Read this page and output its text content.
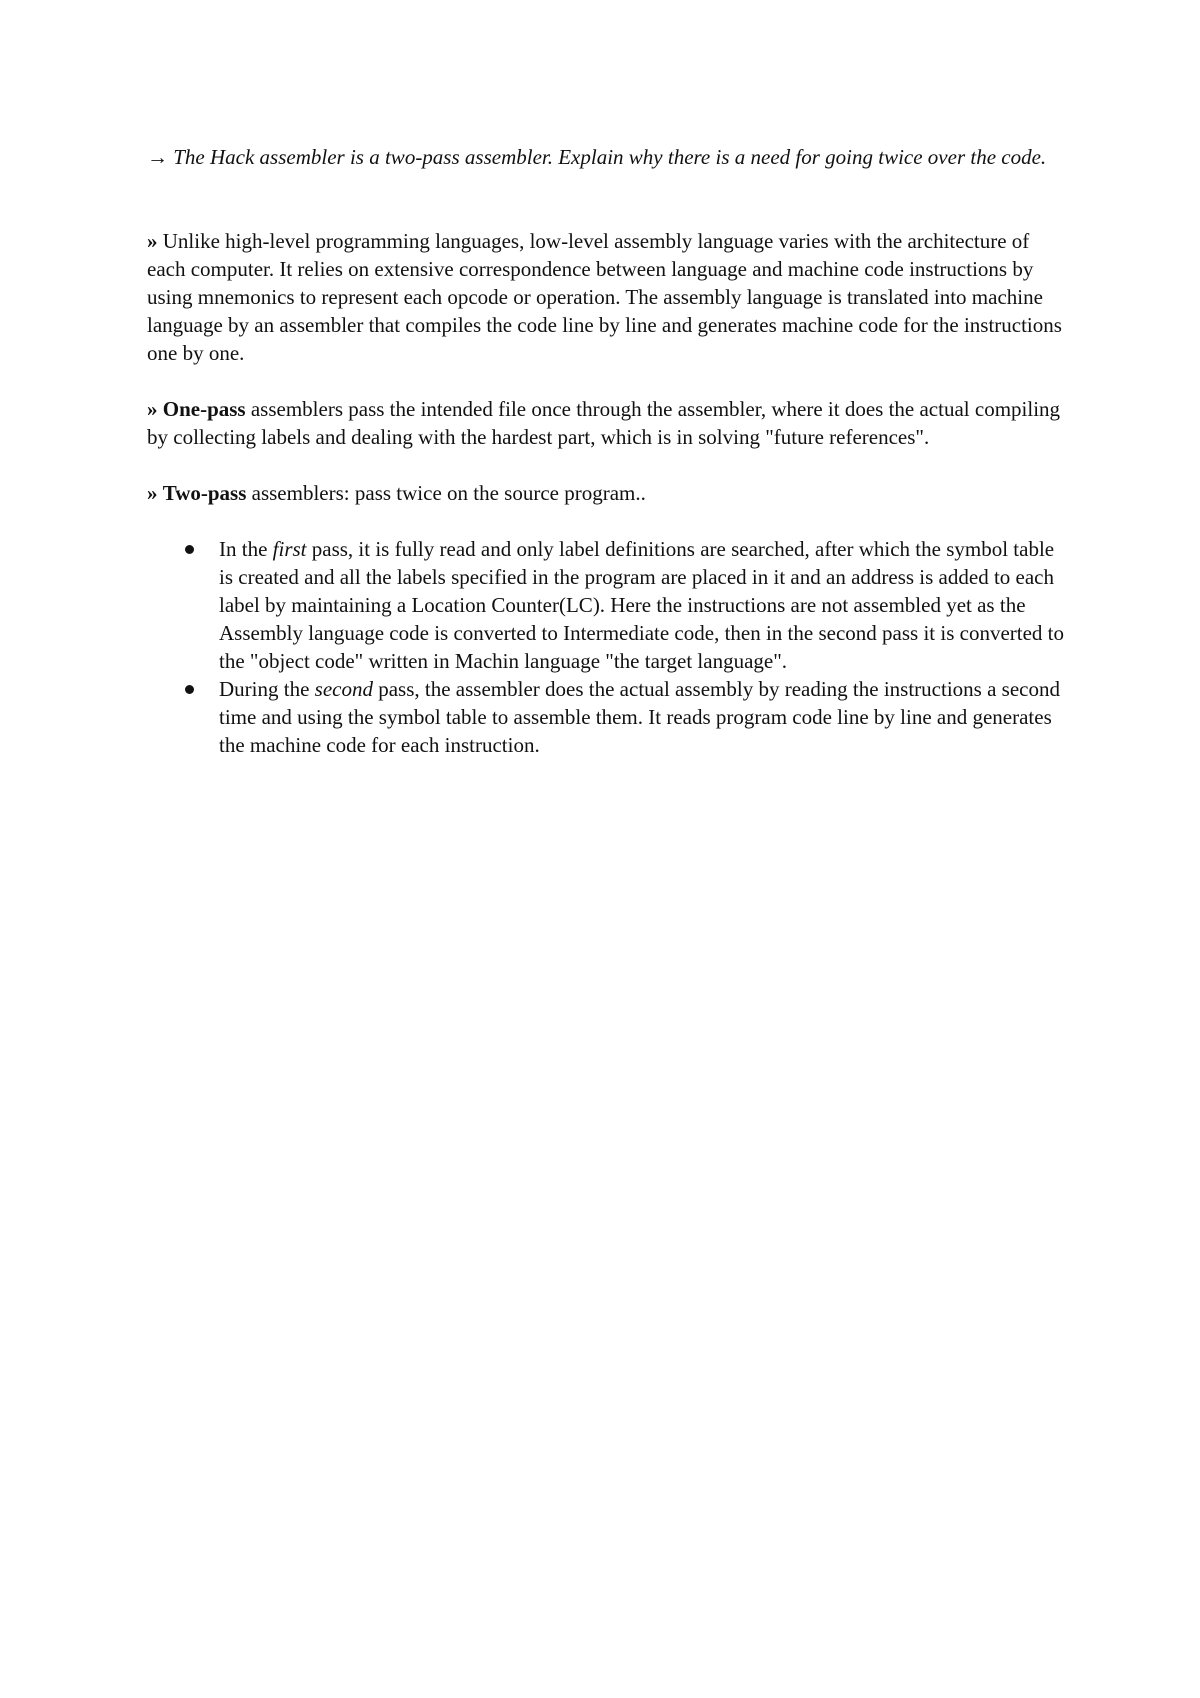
→ The Hack assembler is a two-pass assembler. Explain why there is a need for going twice over the code.

» Unlike high-level programming languages, low-level assembly language varies with the architecture of each computer. It relies on extensive correspondence between language and machine code instructions by using mnemonics to represent each opcode or operation. The assembly language is translated into machine language by an assembler that compiles the code line by line and generates machine code for the instructions one by one.

» One-pass assemblers pass the intended file once through the assembler, where it does the actual compiling by collecting labels and dealing with the hardest part, which is in solving "future references".

» Two-pass assemblers: pass twice on the source program..

In the first pass, it is fully read and only label definitions are searched, after which the symbol table is created and all the labels specified in the program are placed in it and an address is added to each label by maintaining a Location Counter(LC). Here the instructions are not assembled yet as the Assembly language code is converted to Intermediate code, then in the second pass it is converted to the "object code" written in Machin language "the target language".
During the second pass, the assembler does the actual assembly by reading the instructions a second time and using the symbol table to assemble them. It reads program code line by line and generates the machine code for each instruction.
